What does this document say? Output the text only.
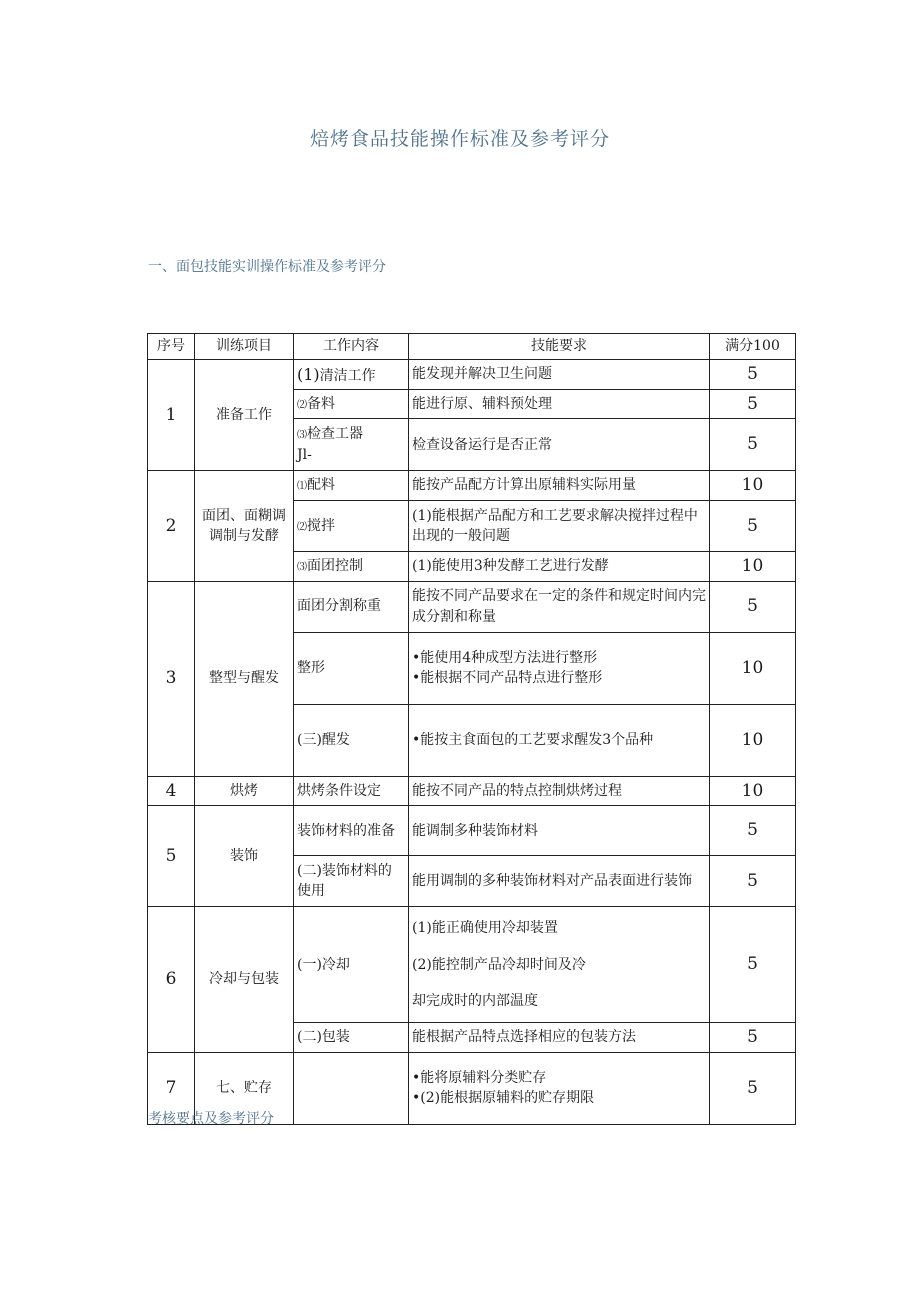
焙烤食品技能操作标准及参考评分
一、面包技能实训操作标准及参考评分
序号	训练项目	工作内容	技能要求	满分100
1	准备工作	(1)清洁工作	能发现并解决卫生问题	5
		⑵备料	能进行原、辅料预处理	5
		⑶检查工器
Jl-	检查设备运行是否正常	5
2	面团、面糊调调制与发酵	⑴配料	能按产品配方计算出原辅料实际用量	10
		⑵搅拌	(1)能根据产品配方和工艺要求解决搅拌过程中出现的一般问题	5
		⑶面团控制	(1)能使用3种发酵工艺进行发酵	10
3	整型与醒发	面团分割称重	能按不同产品要求在一定的条件和规定时间内完成分割和称量	5
		整形	•能使用4种成型方法进行整形
•能根据不同产品特点进行整形	10
		(三)醒发	•能按主食面包的工艺要求醒发3个品种	10
4	烘烤	烘烤条件设定	能按不同产品的特点控制烘烤过程	10
5	装饰	装饰材料的准备	能调制多种装饰材料	5
		(二)装饰材料的使用	能用调制的多种装饰材料对产品表面进行装饰	5
6	冷却与包装	(一)冷却	(1)能正确使用冷却装置
(2)能控制产品冷却时间及冷
却完成时的内部温度	5
		(二)包装	能根据产品特点选择相应的包装方法	5
7	七、贮存		•能将原辅料分类贮存
•(2)能根据原辅料的贮存期限	5
考核要点及参考评分
